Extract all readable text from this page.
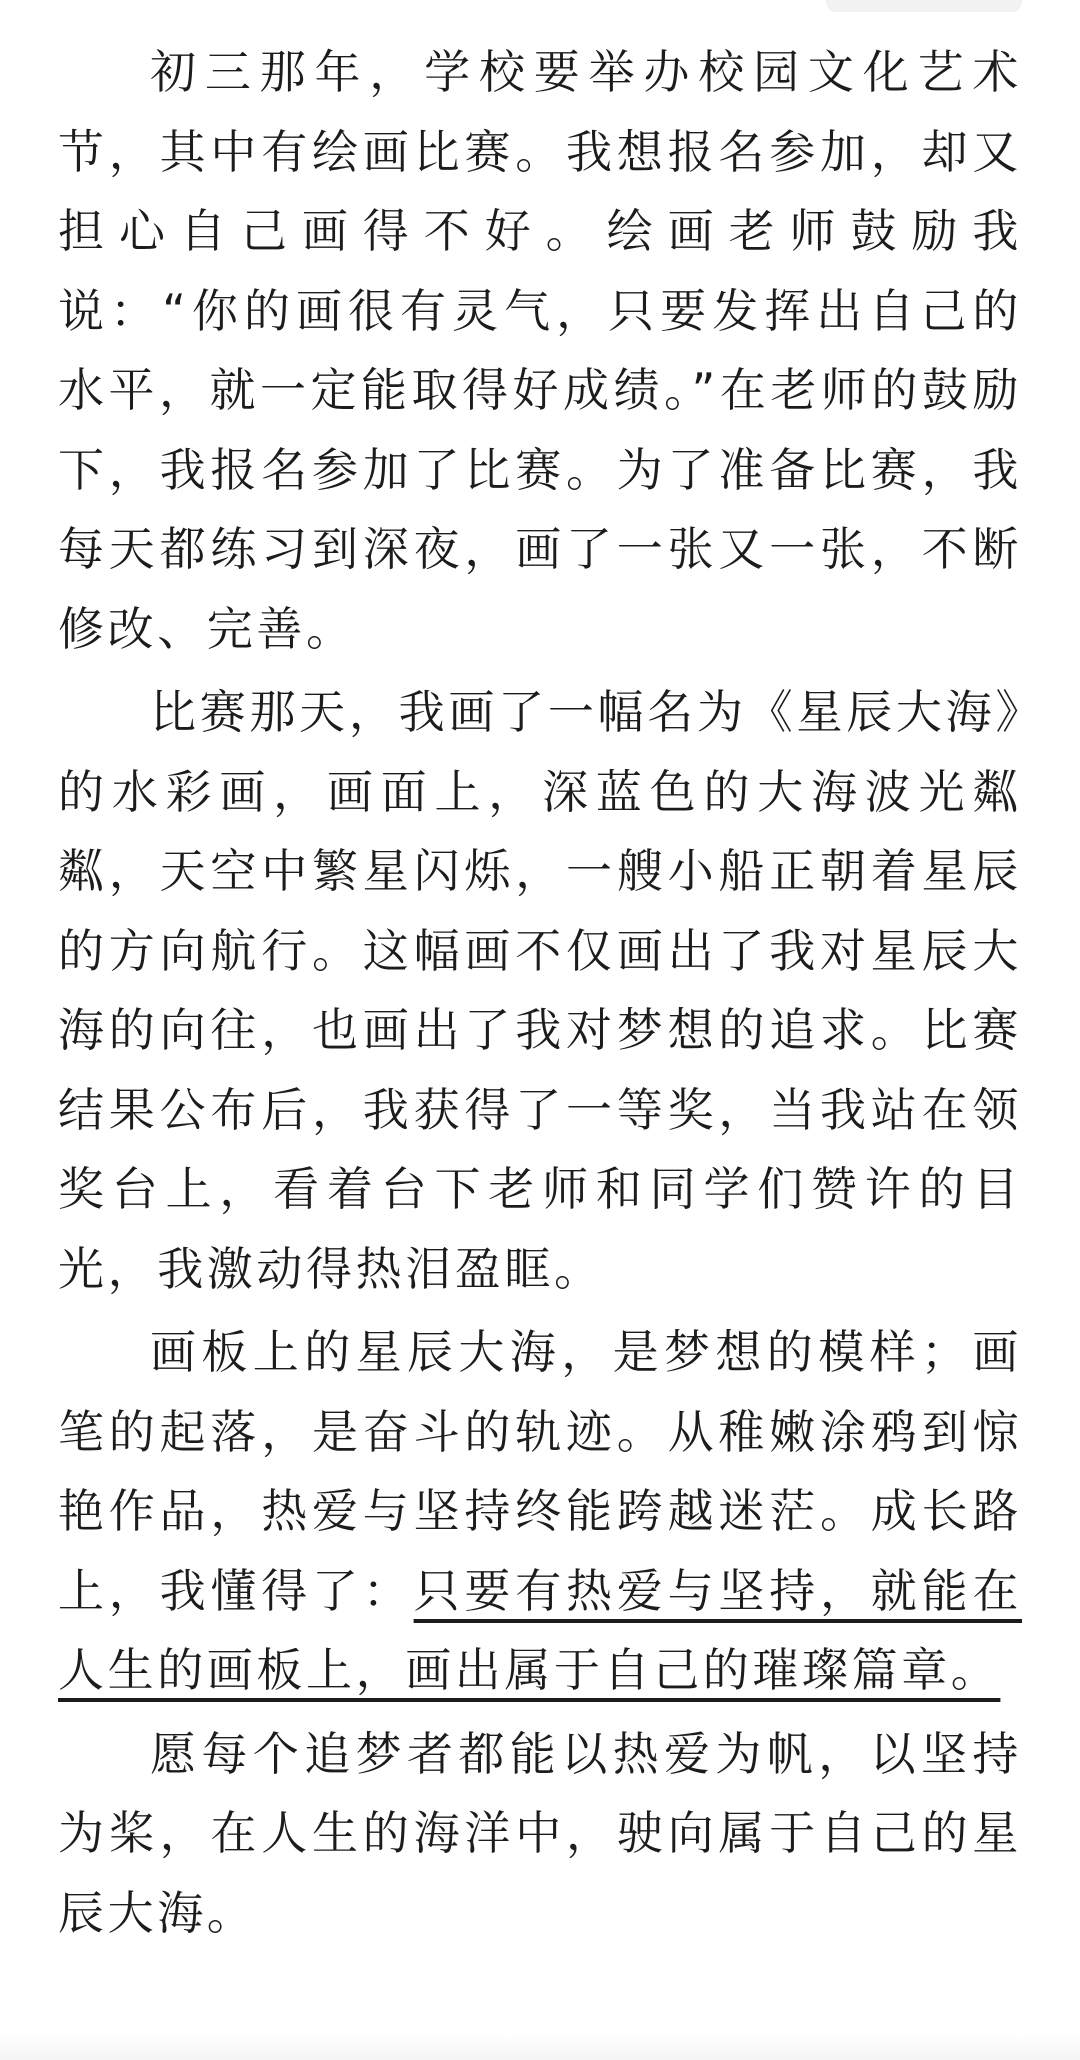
初三那年，学校要举办校园文化艺术节，其中有绘画比赛。我想报名参加，却又担心自己画得不好。绘画老师鼓励我说：“你的画很有灵气，只要发挥出自己的水平，就一定能取得好成绩。”在老师的鼓励下，我报名参加了比赛。为了准备比赛，我每天都练习到深夜，画了一张又一张，不断修改、完善。

比赛那天，我画了一幅名为《星辰大海》的水彩画，画面上，深蓝色的大海波光粼粼，天空中繁星闪烁，一艘小船正朝着星辰的方向航行。这幅画不仅画出了我对星辰大海的向往，也画出了我对梦想的追求。比赛结果公布后，我获得了一等奖，当我站在领奖台上，看着台下老师和同学们赞许的目光，我激动得热泪盈眶。

画板上的星辰大海，是梦想的模样；画笔的起落，是奋斗的轨迹。从稚嫩涂鸦到惊艳作品，热爱与坚持终能跨越迷茫。成长路上，我懂得了：只要有热爱与坚持，就能在人生的画板上，画出属于自己的璀璨篇章。

愿每个追梦者都能以热爱为帆，以坚持为桨，在人生的海洋中，驶向属于自己的星辰大海。
